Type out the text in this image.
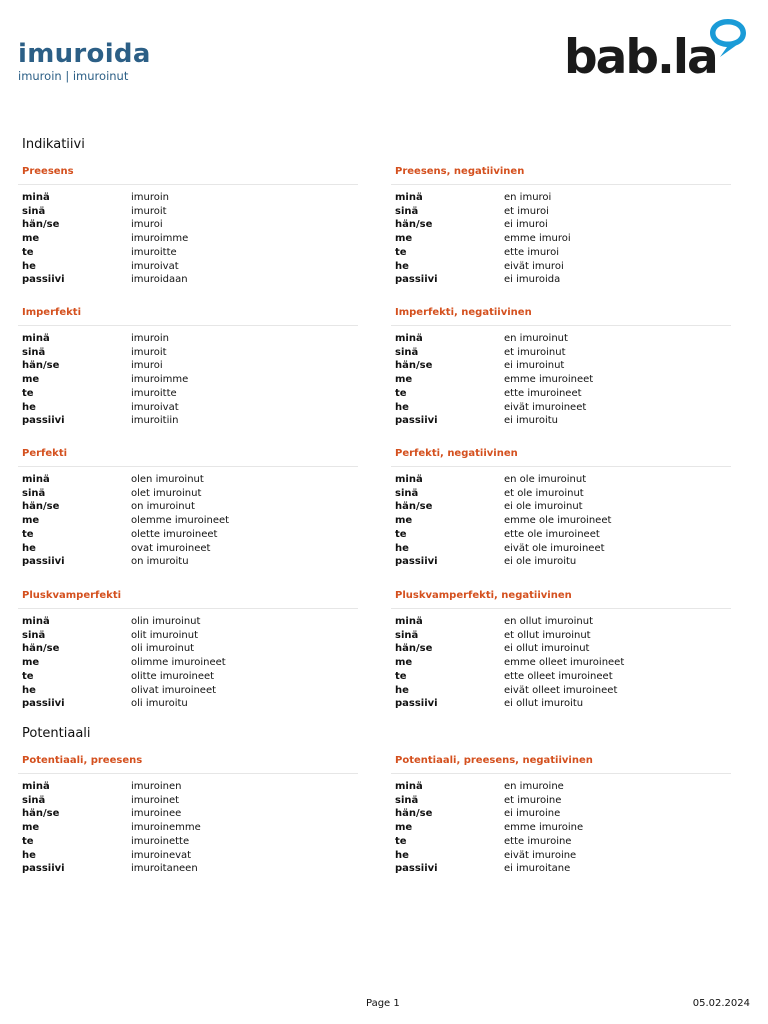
imuroida
imuroin | imuroinut	bab.la
Indikatiivi
Potentiaali
Preesens
minä	imuroin
sinä	imuroit
hän/se	imuroi
me	imuroimme
te	imuroitte
he	imuroivat
passiivi	imuroidaan
Preesens, negatiivinen
minä	en imuroi
sinä	et imuroi
hän/se	ei imuroi
me	emme imuroi
te	ette imuroi
he	eivät imuroi
passiivi	ei imuroida
Imperfekti
minä	imuroin
sinä	imuroit
hän/se	imuroi
me	imuroimme
te	imuroitte
he	imuroivat
passiivi	imuroitiin
Imperfekti, negatiivinen
minä	en imuroinut
sinä	et imuroinut
hän/se	ei imuroinut
me	emme imuroineet
te	ette imuroineet
he	eivät imuroineet
passiivi	ei imuroitu
Perfekti
minä	olen imuroinut
sinä	olet imuroinut
hän/se	on imuroinut
me	olemme imuroineet
te	olette imuroineet
he	ovat imuroineet
passiivi	on imuroitu
Perfekti, negatiivinen
minä	en ole imuroinut
sinä	et ole imuroinut
hän/se	ei ole imuroinut
me	emme ole imuroineet
te	ette ole imuroineet
he	eivät ole imuroineet
passiivi	ei ole imuroitu
Pluskvamperfekti
minä	olin imuroinut
sinä	olit imuroinut
hän/se	oli imuroinut
me	olimme imuroineet
te	olitte imuroineet
he	olivat imuroineet
passiivi	oli imuroitu
Pluskvamperfekti, negatiivinen
minä	en ollut imuroinut
sinä	et ollut imuroinut
hän/se	ei ollut imuroinut
me	emme olleet imuroineet
te	ette olleet imuroineet
he	eivät olleet imuroineet
passiivi	ei ollut imuroitu
Potentiaali, preesens
minä	imuroinen
sinä	imuroinet
hän/se	imuroinee
me	imuroinemme
te	imuroinette
he	imuroinevat
passiivi	imuroitaneen
Potentiaali, preesens, negatiivinen
minä	en imuroine
sinä	et imuroine
hän/se	ei imuroine
me	emme imuroine
te	ette imuroine
he	eivät imuroine
passiivi	ei imuroitane
Page 1	05.02.2024
